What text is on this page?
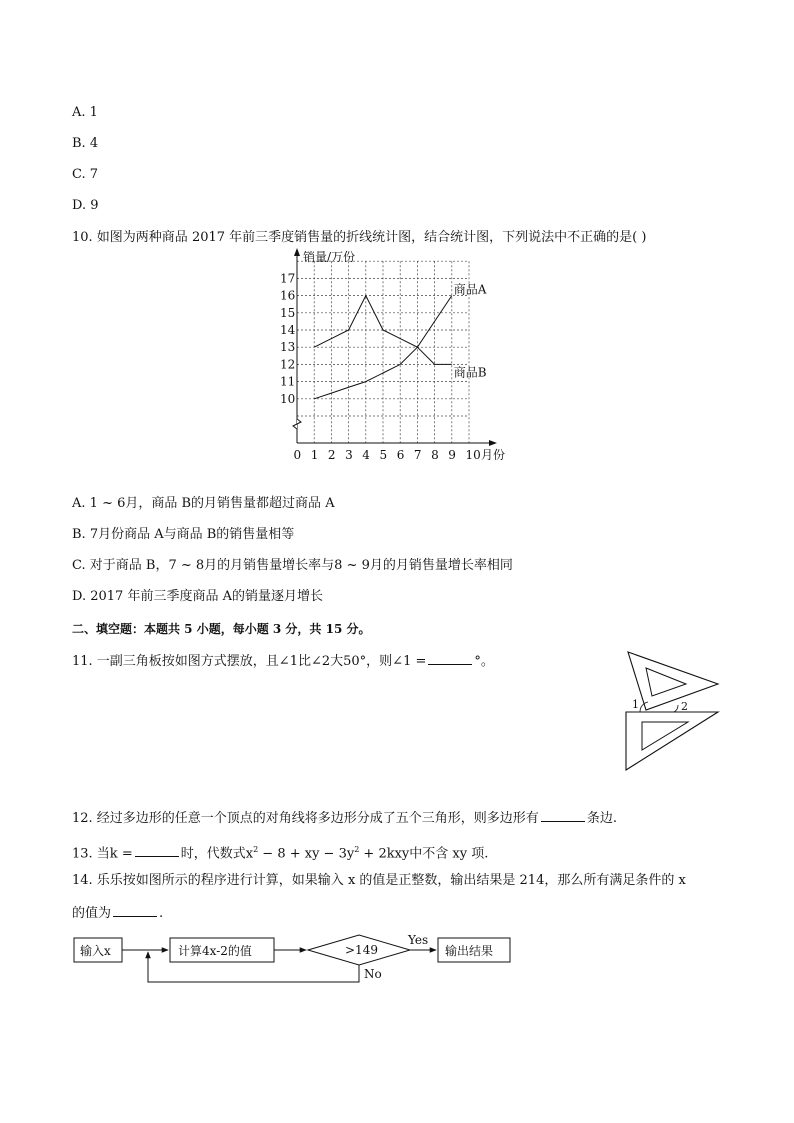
A. 1
B. 4
C. 7
D. 9
10. 如图为两种商品 2017 年前三季度销售量的折线统计图，结合统计图，下列说法中不正确的是( )
0 1 2 3 4 5 6 7 8 9 10
10
11
12
13
14
15
16
17
销量/万份
月份
商品A
商品B
A. 1 ~ 6月，商品 B的月销售量都超过商品 A
B. 7月份商品 A与商品 B的销售量相等
C. 对于商品 B，7 ~ 8月的月销售量增长率与8 ~ 9月的月销售量增长率相同
D. 2017 年前三季度商品 A的销量逐月增长
二、填空题：本题共 5 小题，每小题 3 分，共 15 分。
11. 一副三角板按如图方式摆放，且∠1比∠2大50°，则∠1 =	°。
1	2
12. 经过多边形的任意一个顶点的对角线将多边形分成了五个三角形，则多边形有	条边.
13. 当k =	时，代数式$x^2 - 8$ + xy − $3y^2 + 2kxy$中不含 xy 项.
14. 乐乐按如图所示的程序进行计算，如果输入 x 的值是正整数，输出结果是 214，那么所有满足条件的 x
的值为	.
输入x	计算4x-2的值	>149
Yes
输出结果
No
